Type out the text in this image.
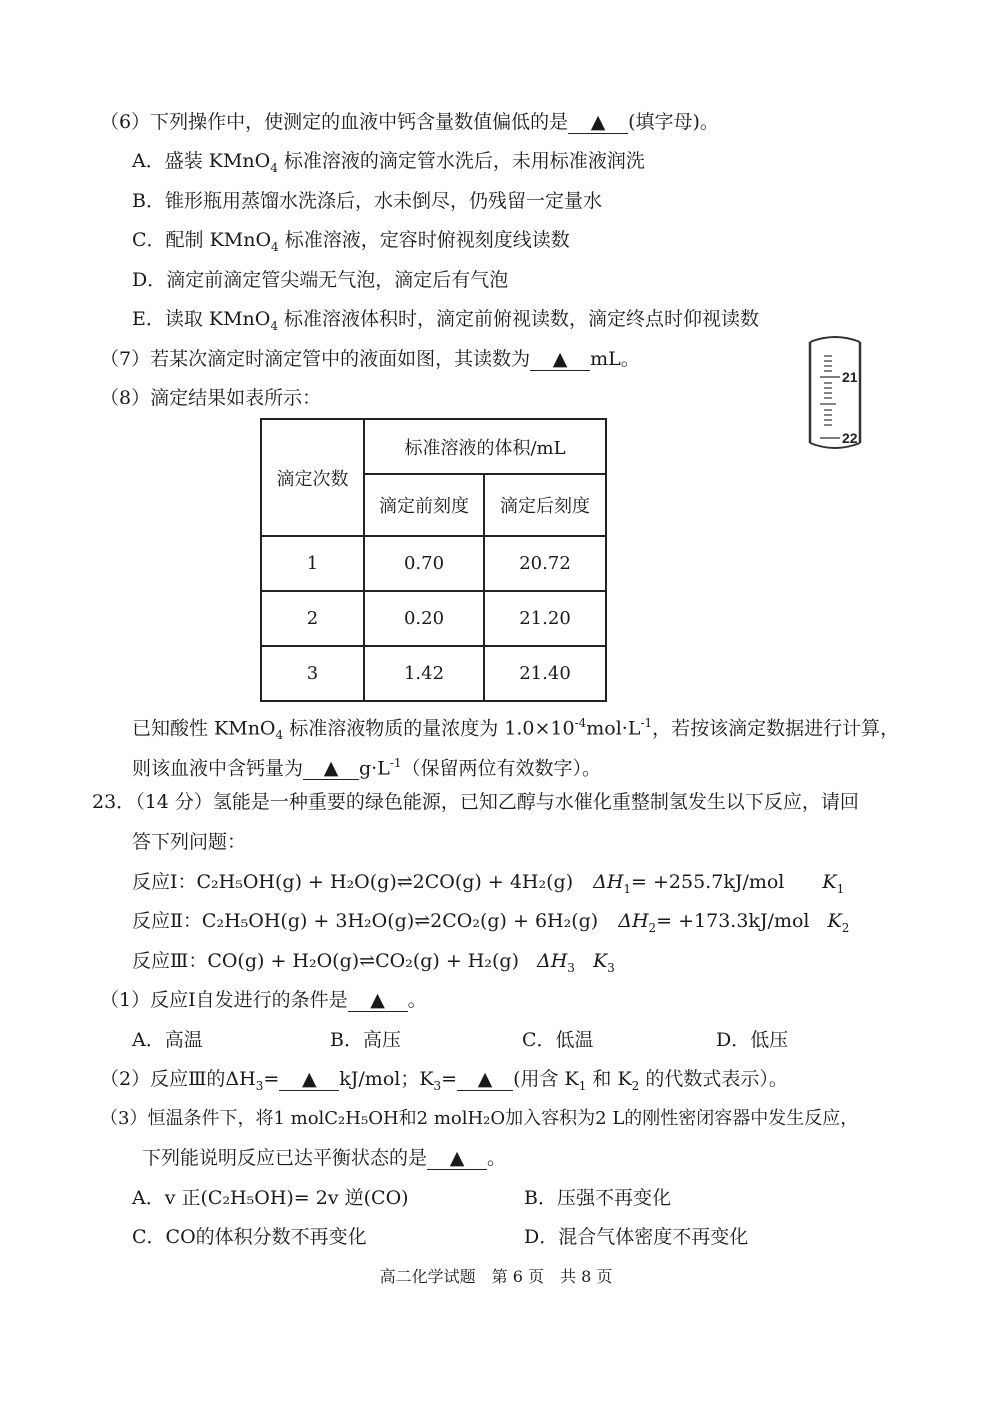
（6）下列操作中，使测定的血液中钙含量数值偏低的是 ▲ (填字母)。
A．盛装 KMnO$_4$ 标准溶液的滴定管水洗后，未用标准液润洗
B．锥形瓶用蒸馏水洗涤后，水未倒尽，仍残留一定量水
C．配制 KMnO$_4$ 标准溶液，定容时俯视刻度线读数
D．滴定前滴定管尖端无气泡，滴定后有气泡
E．读取 KMnO$_4$ 标准溶液体积时，滴定前俯视读数，滴定终点时仰视读数
（7）若某次滴定时滴定管中的液面如图，其读数为 ▲ mL。
21
22
（8）滴定结果如表所示：
滴定次数	标准溶液的体积/mL	
	滴定前刻度	滴定后刻度
1	0.70	20.72
2	0.20	21.20
3	1.42	21.40
已知酸性 KMnO$_4$ 标准溶液物质的量浓度为 $1.0\times 10^{-4}mol\cdot L^{-1}$，若按该滴定数据进行计算，
则该血液中含钙量为 ▲ $g\cdot L^{-1}$（保留两位有效数字）。
23．（14 分）氢能是一种重要的绿色能源，已知乙醇与水催化重整制氢发生以下反应，请回
答下列问题：
反应Ⅰ：C₂H₅OH(g) + H₂O(g)⇌2CO(g) + 4H₂(g) $\Delta H_1= +255.7kJ/mol$ $K_1$
反应Ⅱ：C₂H₅OH(g) + 3H₂O(g)⇌2CO₂(g) + 6H₂(g) $\Delta H_2= +173.3kJ/mol$ $K_2$
反应Ⅲ：CO(g) + H₂O(g)⇌CO₂(g) + H₂(g) $\Delta H_3$ $K_3$
（1）反应Ⅰ自发进行的条件是 ▲ 。
A．高温	B．高压	C．低温	D．低压
（2）反应Ⅲ的$\Delta H_3=$ ▲ kJ/mol；$K_3=$ ▲ (用含 $K_1$ 和 $K_2$ 的代数式表示）。
（3）恒温条件下，将1 molC₂H₅OH和2 molH₂O加入容积为2 L的刚性密闭容器中发生反应，
下列能说明反应已达平衡状态的是 ▲ 。
A．v 正(C₂H₅OH)= 2v 逆(CO)	B．压强不再变化
C．CO的体积分数不再变化	D．混合气体密度不再变化
高二化学试题　第 6 页　共 8 页
